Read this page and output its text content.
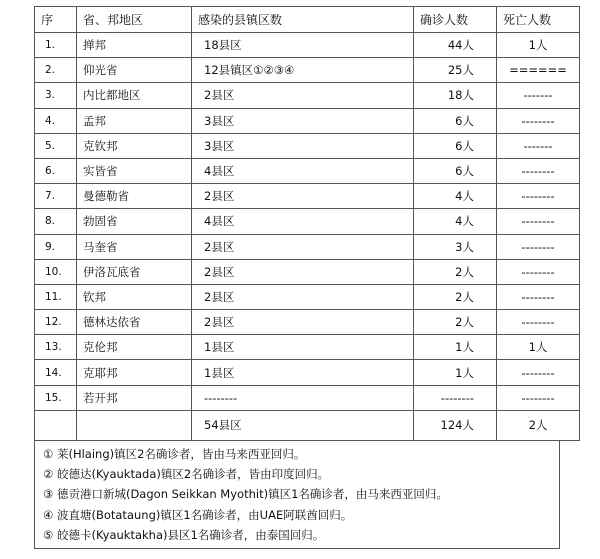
序	省、邦地区	感染的县镇区数	确诊人数	死亡人数
1.	掸邦	18县区	44人	1人
2.	仰光省	12县镇区①②③④	25人	======
3.	内比都地区	2县区	18人	-------
4.	孟邦	3县区	6人	--------
5.	克钦邦	3县区	6人	-------
6.	实皆省	4县区	6人	--------
7.	曼德勒省	2县区	4人	--------
8.	勃固省	4县区	4人	--------
9.	马奎省	2县区	3人	--------
10.	伊洛瓦底省	2县区	2人	--------
11.	钦邦	2县区	2人	--------
12.	德林达依省	2县区	2人	--------
13.	克伦邦	1县区	1人	1人
14.	克耶邦	1县区	1人	--------
15.	若开邦	--------	--------	--------
		54县区	124人	2人
① 莱(Hlaing)镇区2名确诊者，皆由马来西亚回归。
② 皎德达(Kyauktada)镇区2名确诊者，皆由印度回归。
③ 德贡港口新城(Dagon Seikkan Myothit)镇区1名确诊者，由马来西亚回归。
④ 波直塘(Botataung)镇区1名确诊者，由UAE阿联酋回归。
⑤ 皎德卡(Kyauktakha)县区1名确诊者，由泰国回归。
